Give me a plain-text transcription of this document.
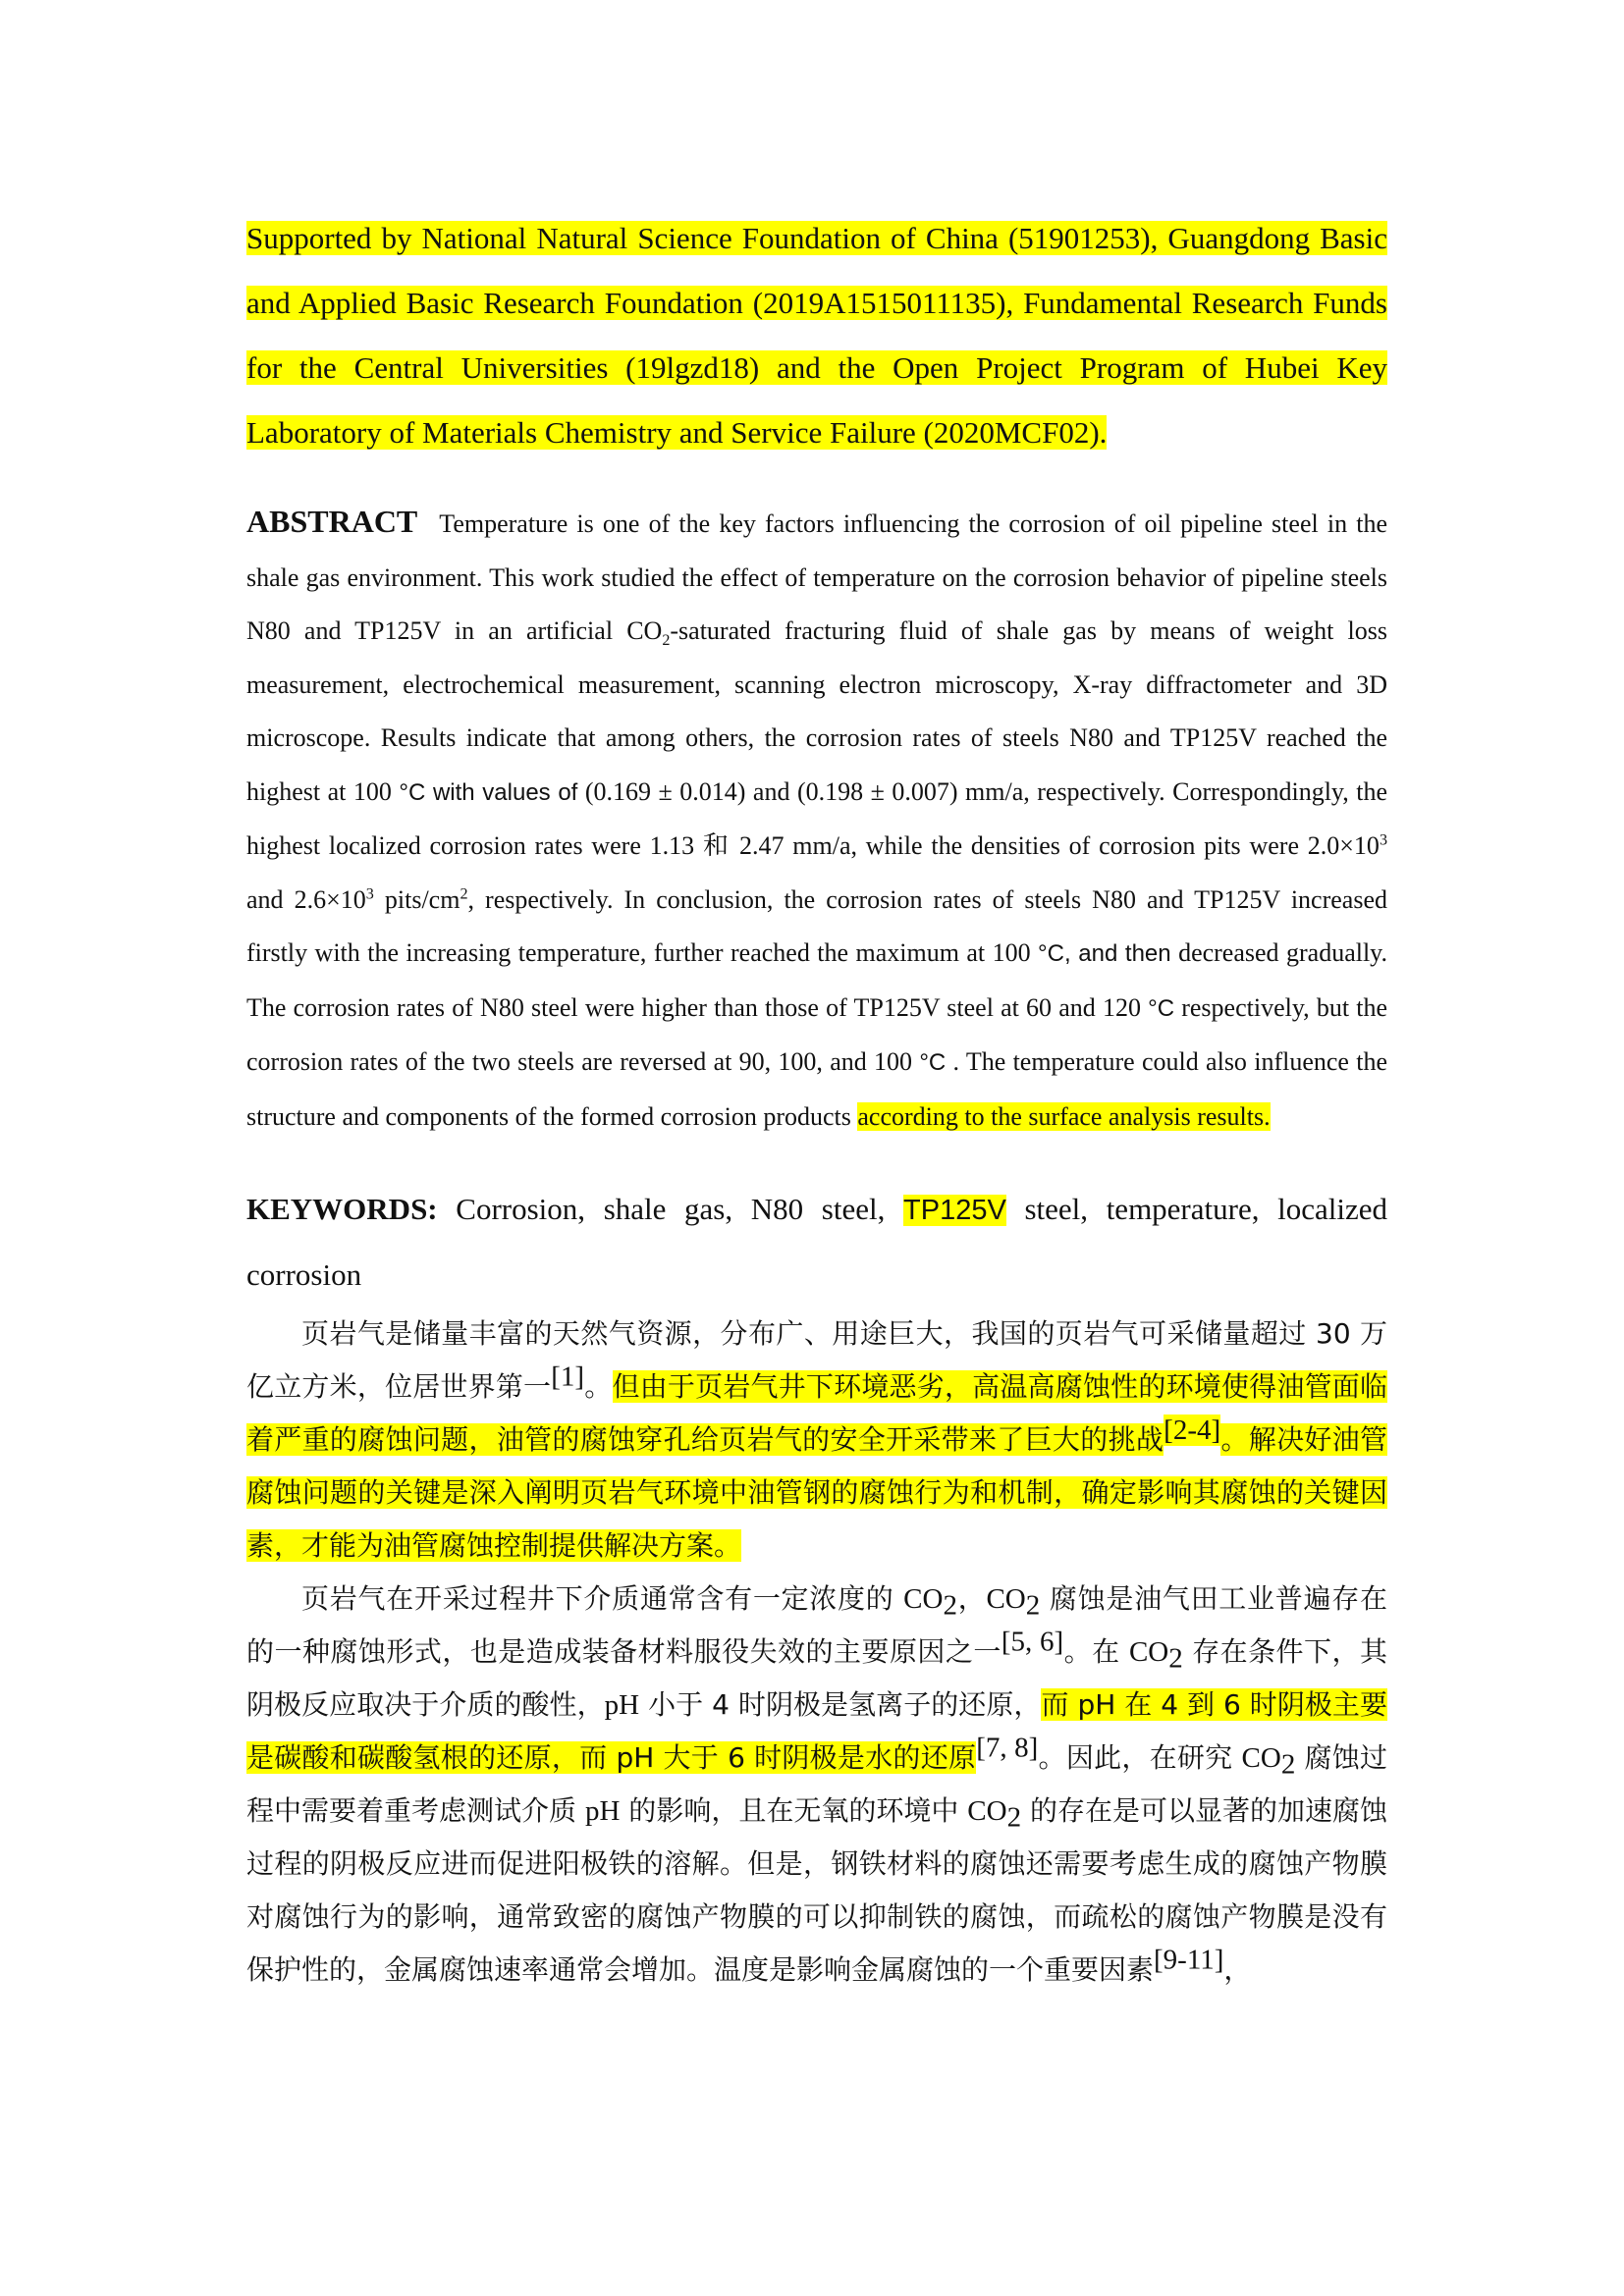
Supported by National Natural Science Foundation of China (51901253), Guangdong Basic and Applied Basic Research Foundation (2019A1515011135), Fundamental Research Funds for the Central Universities (19lgzd18) and the Open Project Program of Hubei Key Laboratory of Materials Chemistry and Service Failure (2020MCF02).

ABSTRACT Temperature is one of the key factors influencing the corrosion of oil pipeline steel in the shale gas environment. This work studied the effect of temperature on the corrosion behavior of pipeline steels N80 and TP125V in an artificial $CO_2$-saturated fracturing fluid of shale gas by means of weight loss measurement, electrochemical measurement, scanning electron microscopy, X-ray diffractometer and 3D microscope. Results indicate that among others, the corrosion rates of steels N80 and TP125V reached the highest at 100 °C with values of (0.169 ± 0.014) and (0.198 ± 0.007) mm/a, respectively. Correspondingly, the highest localized corrosion rates were 1.13 和 2.47 mm/a, while the densities of corrosion pits were $2.0\times 10^3$ and $2.6\times 10^3$ pits/$cm^2$, respectively. In conclusion, the corrosion rates of steels N80 and TP125V increased firstly with the increasing temperature, further reached the maximum at 100 °C, and then decreased gradually. The corrosion rates of N80 steel were higher than those of TP125V steel at 60 and 120 °C respectively, but the corrosion rates of the two steels are reversed at 90, 100, and 100 °C . The temperature could also influence the structure and components of the formed corrosion products according to the surface analysis results.

KEYWORDS: Corrosion, shale gas, N80 steel, TP125V steel, temperature, localized corrosion

页岩气是储量丰富的天然气资源，分布广、用途巨大，我国的页岩气可采储量超过 30 万亿立方米，位居世界第一[1]。但由于页岩气井下环境恶劣，高温高腐蚀性的环境使得油管面临着严重的腐蚀问题，油管的腐蚀穿孔给页岩气的安全开采带来了巨大的挑战[2-4]。解决好油管腐蚀问题的关键是深入阐明页岩气环境中油管钢的腐蚀行为和机制，确定影响其腐蚀的关键因素，才能为油管腐蚀控制提供解决方案。

页岩气在开采过程井下介质通常含有一定浓度的 $CO_2$，$CO_2$ 腐蚀是油气田工业普遍存在的一种腐蚀形式，也是造成装备材料服役失效的主要原因之一[5, 6]。在 $CO_2$ 存在条件下，其阴极反应取决于介质的酸性，pH 小于 4 时阴极是氢离子的还原，而 pH 在 4 到 6 时阴极主要是碳酸和碳酸氢根的还原，而 pH 大于 6 时阴极是水的还原[7, 8]。因此，在研究 $CO_2$ 腐蚀过程中需要着重考虑测试介质 pH 的影响，且在无氧的环境中 $CO_2$ 的存在是可以显著的加速腐蚀过程的阴极反应进而促进阳极铁的溶解。但是，钢铁材料的腐蚀还需要考虑生成的腐蚀产物膜对腐蚀行为的影响，通常致密的腐蚀产物膜的可以抑制铁的腐蚀，而疏松的腐蚀产物膜是没有保护性的，金属腐蚀速率通常会增加。温度是影响金属腐蚀的一个重要因素[9-11]，
